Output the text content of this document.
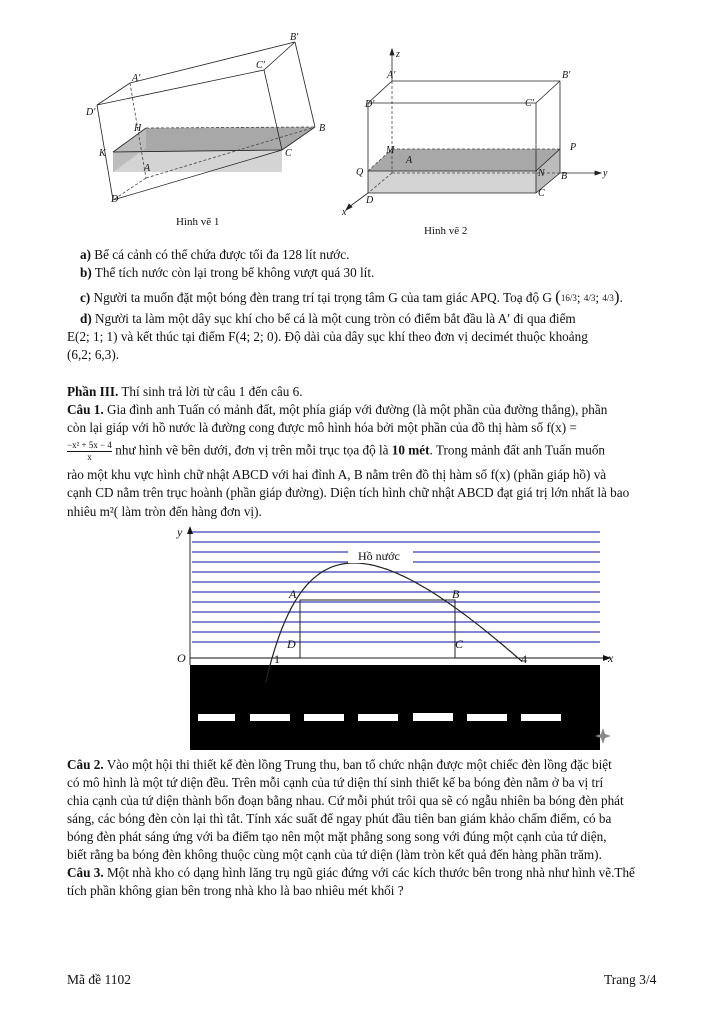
B'
A'
C'
D'
H	B
K	C
A
D
Hình vẽ 1
z
A'	B'
D'	C'
M	P
A
Q	N B	y
D
C
x
Hình vẽ 2
a) Bể cá cảnh có thể chứa được tối đa 128 lít nước.
b) Thể tích nước còn lại trong bể không vượt quá 30 lít.
c) Người ta muốn đặt một bóng đèn trang trí tại trọng tâm G của tam giác APQ. Toạ độ G (16/3; 4/3; 4/3).
d) Người ta làm một dây sục khí cho bể cá là một cung tròn có điểm bắt đầu là A′ đi qua điểm
E(2; 1; 1) và kết thúc tại điểm F(4; 2; 0). Độ dài của dây sục khí theo đơn vị decimét thuộc khoảng
(6,2; 6,3).
Phần III. Thí sinh trả lời từ câu 1 đến câu 6.
Câu 1. Gia đình anh Tuấn có mảnh đất, một phía giáp với đường (là một phần của đường thẳng), phần
còn lại giáp với hồ nước là đường cong được mô hình hóa bởi một phần của đồ thị hàm số f(x) =
$\frac{\text{−x² + 5x − 4}}{x}$ như hình vẽ bên dưới, đơn vị trên mỗi trục tọa độ là 10 mét. Trong mảnh đất anh Tuấn muốn
rào một khu vực hình chữ nhật ABCD với hai đỉnh A, B nằm trên đồ thị hàm số f(x) (phần giáp hồ) và
cạnh CD nằm trên trục hoành (phần giáp đường). Diện tích hình chữ nhật ABCD đạt giá trị lớn nhất là bao
nhiêu m²( làm tròn đến hàng đơn vị).
Hồ nước
y
x
O	1	4
A	B
D	C
Câu 2. Vào một hội thi thiết kế đèn lồng Trung thu, ban tổ chức nhận được một chiếc đèn lồng đặc biệt
có mô hình là một tứ diện đều. Trên mỗi cạnh của tứ diện thí sinh thiết kế ba bóng đèn nằm ở ba vị trí
chia cạnh của tứ diện thành bốn đoạn bằng nhau. Cứ mỗi phút trôi qua sẽ có ngẫu nhiên ba bóng đèn phát
sáng, các bóng đèn còn lại thì tắt. Tính xác suất để ngay phút đầu tiên ban giám khảo chấm điểm, có ba
bóng đèn phát sáng ứng với ba điểm tạo nên một mặt phẳng song song với đúng một cạnh của tứ diện,
biết rằng ba bóng đèn không thuộc cùng một cạnh của tứ diện (làm tròn kết quả đến hàng phần trăm).
Câu 3. Một nhà kho có dạng hình lăng trụ ngũ giác đứng với các kích thước bên trong nhà như hình vẽ.Thể
tích phần không gian bên trong nhà kho là bao nhiêu mét khối ?
Mã đề 1102	Trang 3/4
